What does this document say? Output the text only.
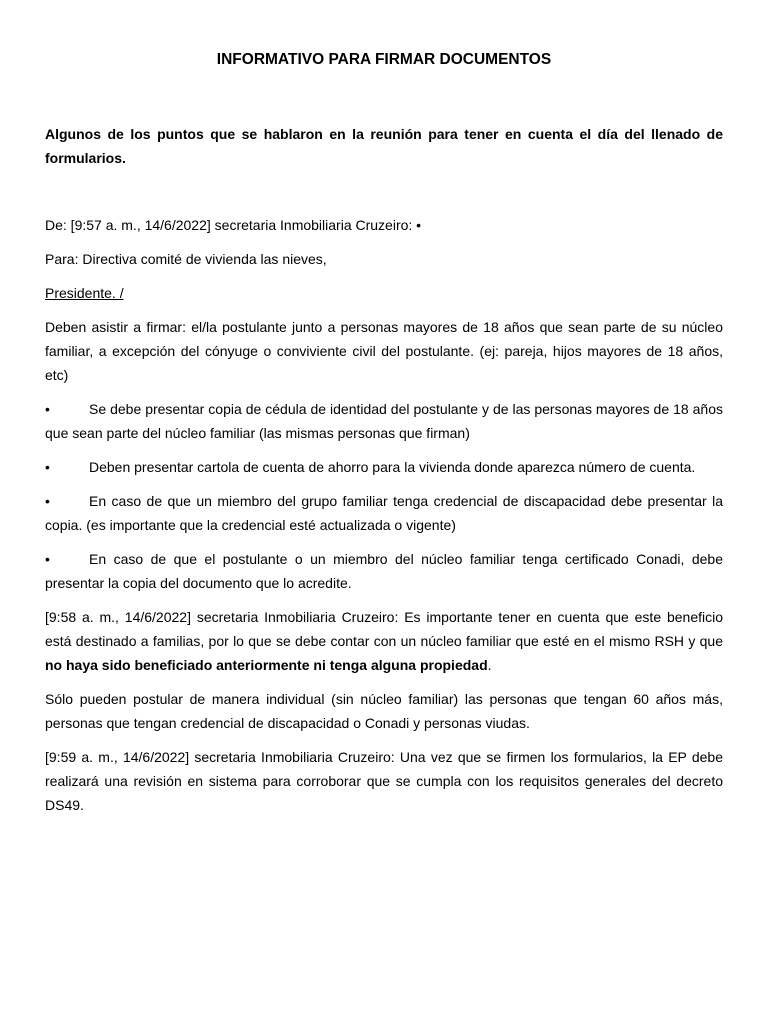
INFORMATIVO PARA FIRMAR DOCUMENTOS

Algunos de los puntos que se hablaron en la reunión para tener en cuenta el día del llenado de formularios.

De: [9:57 a. m., 14/6/2022] secretaria Inmobiliaria Cruzeiro: •

Para: Directiva comité de vivienda las nieves,

Presidente. /

Deben asistir a firmar: el/la postulante junto a personas mayores de 18 años que sean parte de su núcleo familiar, a excepción del cónyuge o conviviente civil del postulante. (ej: pareja, hijos mayores de 18 años, etc)

•	Se debe presentar copia de cédula de identidad del postulante y de las personas mayores de 18 años que sean parte del núcleo familiar (las mismas personas que firman)

•	Deben presentar cartola de cuenta de ahorro para la vivienda donde aparezca número de cuenta.

•	En caso de que un miembro del grupo familiar tenga credencial de discapacidad debe presentar la copia. (es importante que la credencial esté actualizada o vigente)

•	En caso de que el postulante o un miembro del núcleo familiar tenga certificado Conadi, debe presentar la copia del documento que lo acredite.

[9:58 a. m., 14/6/2022] secretaria Inmobiliaria Cruzeiro: Es importante tener en cuenta que este beneficio está destinado a familias, por lo que se debe contar con un núcleo familiar que esté en el mismo RSH y que no haya sido beneficiado anteriormente ni tenga alguna propiedad.

Sólo pueden postular de manera individual (sin núcleo familiar) las personas que tengan 60 años más, personas que tengan credencial de discapacidad o Conadi y personas viudas.

[9:59 a. m., 14/6/2022] secretaria Inmobiliaria Cruzeiro: Una vez que se firmen los formularios, la EP debe realizará una revisión en sistema para corroborar que se cumpla con los requisitos generales del decreto DS49.
